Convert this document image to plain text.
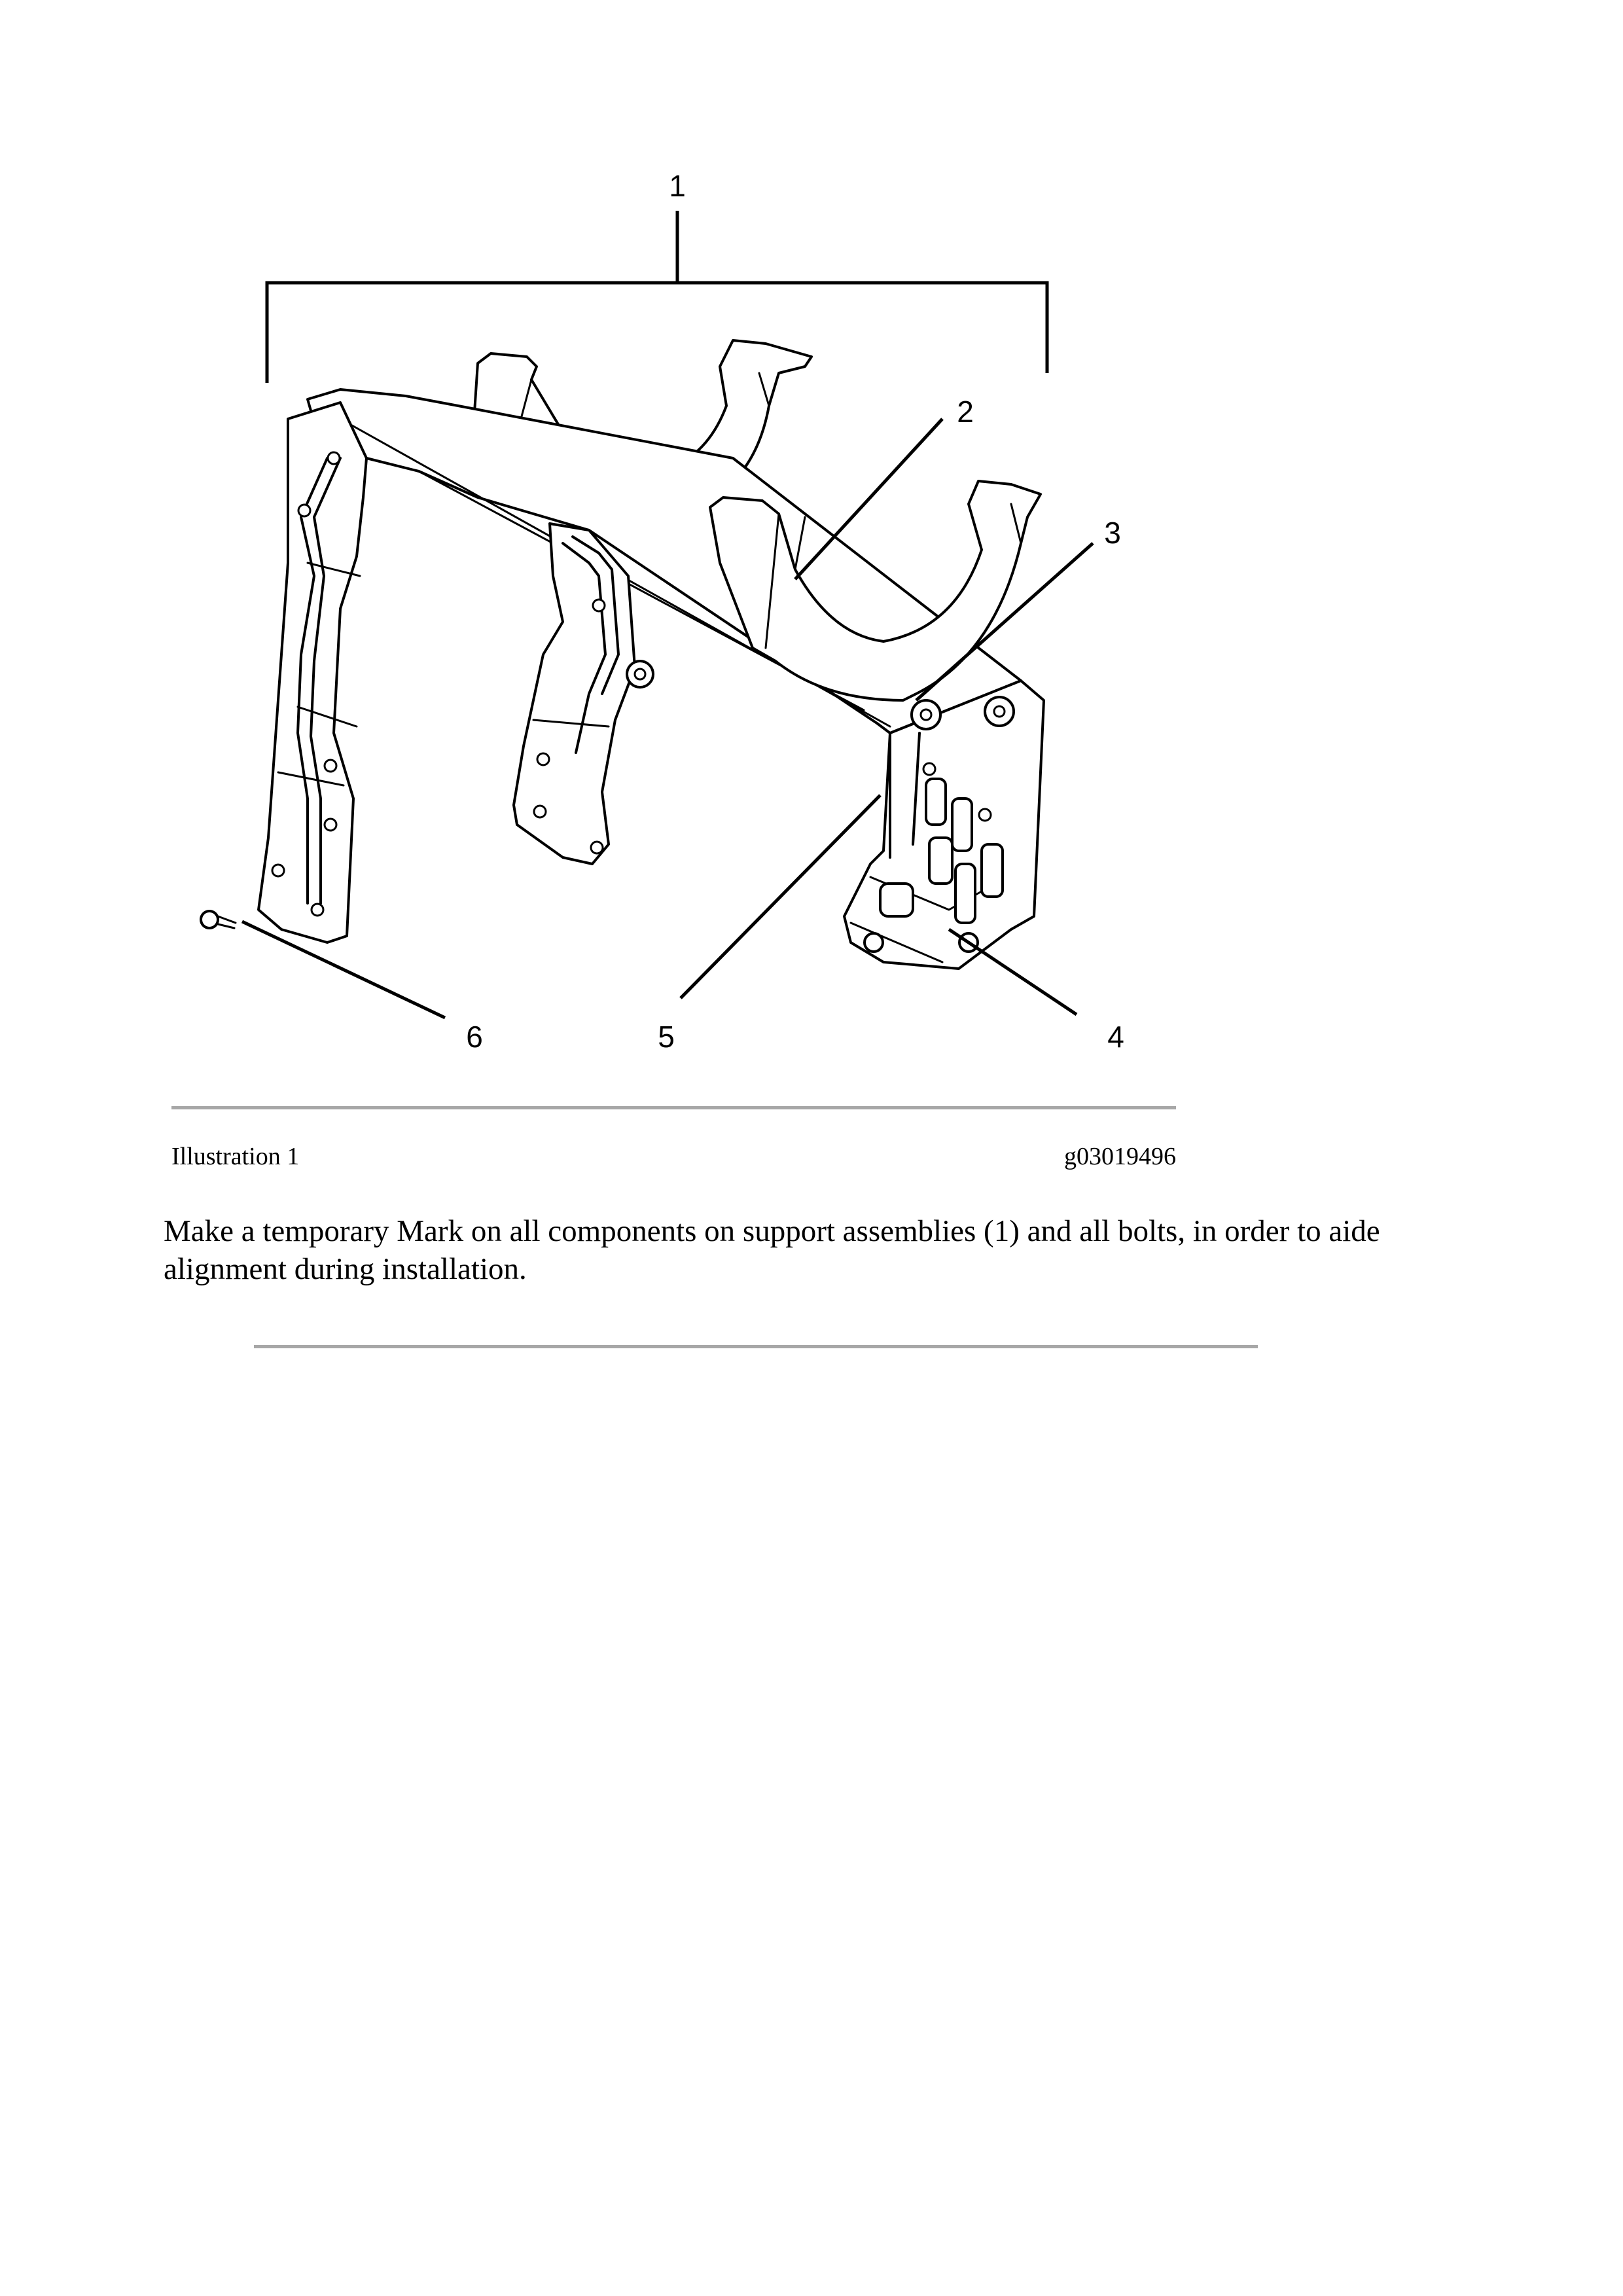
1
2
3
4
5
6
Illustration 1	g03019496
Make a temporary Mark on all components on support assemblies (1) and all bolts, in order to aide alignment during installation.
